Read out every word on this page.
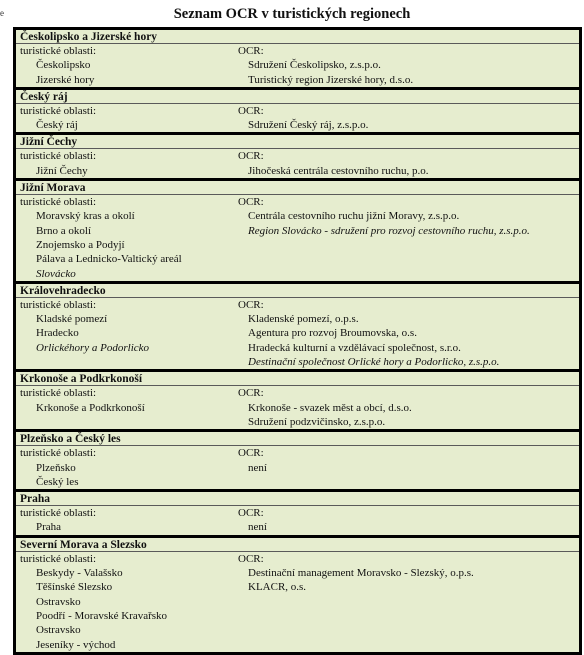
e	Seznam OCR v turistických regionech
Českolipsko a Jizerské hory
turistické oblasti:
Českolipsko
Jizerské hory
OCR:
Sdružení Českolipsko, z.s.p.o.
Turistický region Jizerské hory, d.s.o.
Český ráj
turistické oblasti:
Český ráj
OCR:
Sdružení Český ráj, z.s.p.o.
Jižní Čechy
turistické oblasti:
Jižní Čechy
OCR:
Jihočeská centrála cestovního ruchu, p.o.
Jižní Morava
turistické oblasti:
Moravský kras a okolí
Brno a okolí
Znojemsko a Podyjí
Pálava a Lednicko-Valtický areál
Slovácko
OCR:
Centrála cestovního ruchu jižní Moravy, z.s.p.o.
Region Slovácko - sdružení pro rozvoj cestovního ruchu, z.s.p.o.
Královehradecko
turistické oblasti:
Kladské pomezí
Hradecko
Orlickéhory a Podorlicko
OCR:
Kladenské pomezí, o.p.s.
Agentura pro rozvoj Broumovska, o.s.
Hradecká kulturní a vzdělávací společnost, s.r.o.
Destinační společnost Orlické hory a Podorlicko, z.s.p.o.
Krkonoše a Podkrkonoší
turistické oblasti:
Krkonoše a Podkrkonoší
OCR:
Krkonoše - svazek měst a obcí, d.s.o.
Sdružení podzvičinsko, z.s.p.o.
Plzeňsko a Český les
turistické oblasti:
Plzeňsko
Český les
OCR:
není
Praha
turistické oblasti:
Praha
OCR:
není
Severní Morava a Slezsko
turistické oblasti:
Beskydy - Valašsko
Těšínské Slezsko
Ostravsko
Poodří - Moravské Kravařsko
Ostravsko
Jeseníky - východ
OCR:
Destinační management Moravsko - Slezský, o.p.s.
KLACR, o.s.
